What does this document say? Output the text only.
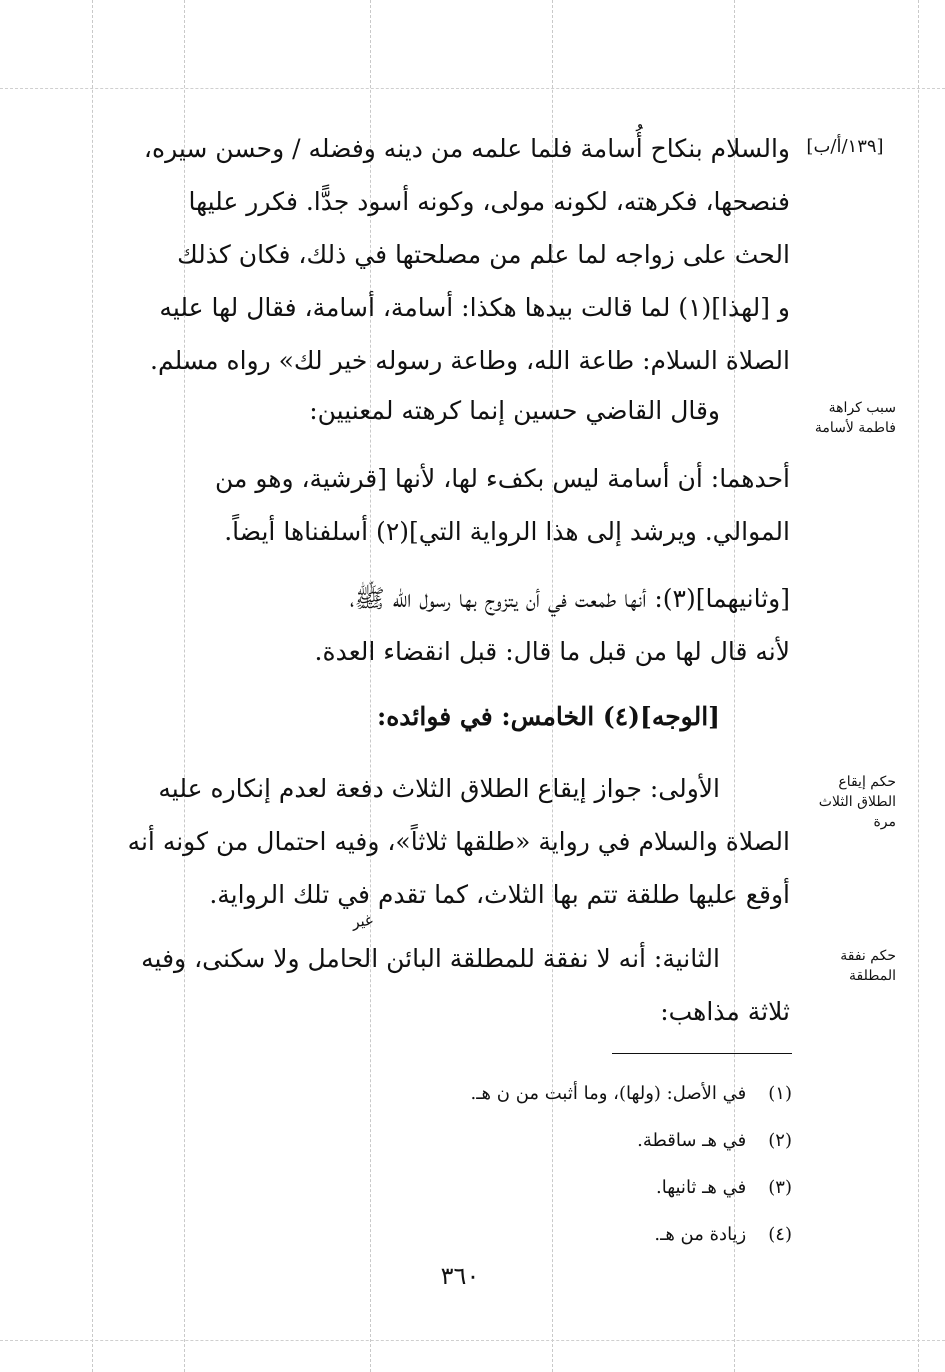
[١٣٩/أ/ب]
سبب كراهة فاطمة لأسامة
حكم إيقاع الطلاق الثلاث مرة
حكم نفقة المطلقة
غير
والسلام بنكاح أُسامة فلما علمه من دينه وفضله / وحسن سيره،
فنصحها، فكرهته، لكونه مولى، وكونه أسود جدًّا. فكرر عليها
الحث على زواجه لما علم من مصلحتها في ذلك، فكان كذلك
و [لهذا](١) لما قالت بيدها هكذا: أسامة، أسامة، فقال لها عليه
الصلاة السلام: طاعة الله، وطاعة رسوله خير لك» رواه مسلم.
وقال القاضي حسين إنما كرهته لمعنيين:
أحدهما: أن أسامة ليس بكفء لها، لأنها [قرشية، وهو من
الموالي. ويرشد إلى هذا الرواية التي](٢) أسلفناها أيضاً.
[وثانيهما](٣): أنها طمعت في أن يتزوج بها رسول الله ﷺ،
لأنه قال لها من قبل ما قال: قبل انقضاء العدة.
[الوجه](٤) الخامس: في فوائده:
الأولى: جواز إيقاع الطلاق الثلاث دفعة لعدم إنكاره عليه
الصلاة والسلام في رواية «طلقها ثلاثاً»، وفيه احتمال من كونه أنه
أوقع عليها طلقة تتم بها الثلاث، كما تقدم في تلك الرواية.
الثانية: أنه لا نفقة للمطلقة البائن الحامل ولا سكنى، وفيه
ثلاثة مذاهب:
(١) في الأصل: (ولها)، وما أثبت من ن هـ.
(٢) في هـ ساقطة.
(٣) في هـ ثانيها.
(٤) زيادة من هـ.
٣٦٠
